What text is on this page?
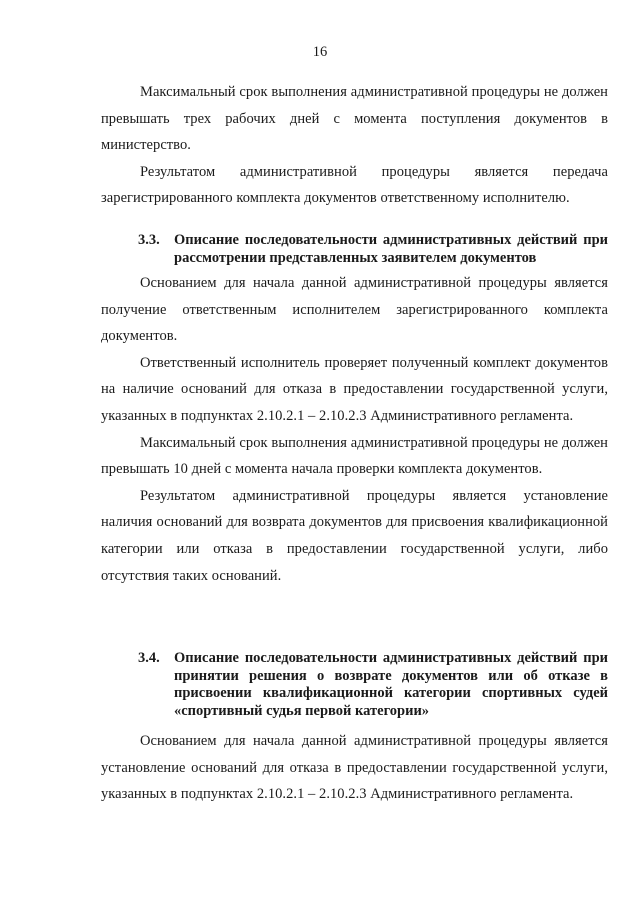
16

Максимальный срок выполнения административной процедуры не должен превышать трех рабочих дней с момента поступления документов в министерство.

Результатом административной процедуры является передача зарегистрированного комплекта документов ответственному исполнителю.

3.3. Описание последовательности административных действий при рассмотрении представленных заявителем документов

Основанием для начала данной административной процедуры является получение ответственным исполнителем зарегистрированного комплекта документов.

Ответственный исполнитель проверяет полученный комплект документов на наличие оснований для отказа в предоставлении государственной услуги, указанных в подпунктах 2.10.2.1 – 2.10.2.3 Административного регламента.

Максимальный срок выполнения административной процедуры не должен превышать 10 дней с момента начала проверки комплекта документов.

Результатом административной процедуры является установление наличия оснований для возврата документов для присвоения квалификационной категории или отказа в предоставлении государственной услуги, либо отсутствия таких оснований.

3.4. Описание последовательности административных действий при принятии решения о возврате документов или об отказе в присвоении квалификационной категории спортивных судей «спортивный судья первой категории»

Основанием для начала данной административной процедуры является установление оснований для отказа в предоставлении государственной услуги, указанных в подпунктах 2.10.2.1 – 2.10.2.3 Административного регламента.
